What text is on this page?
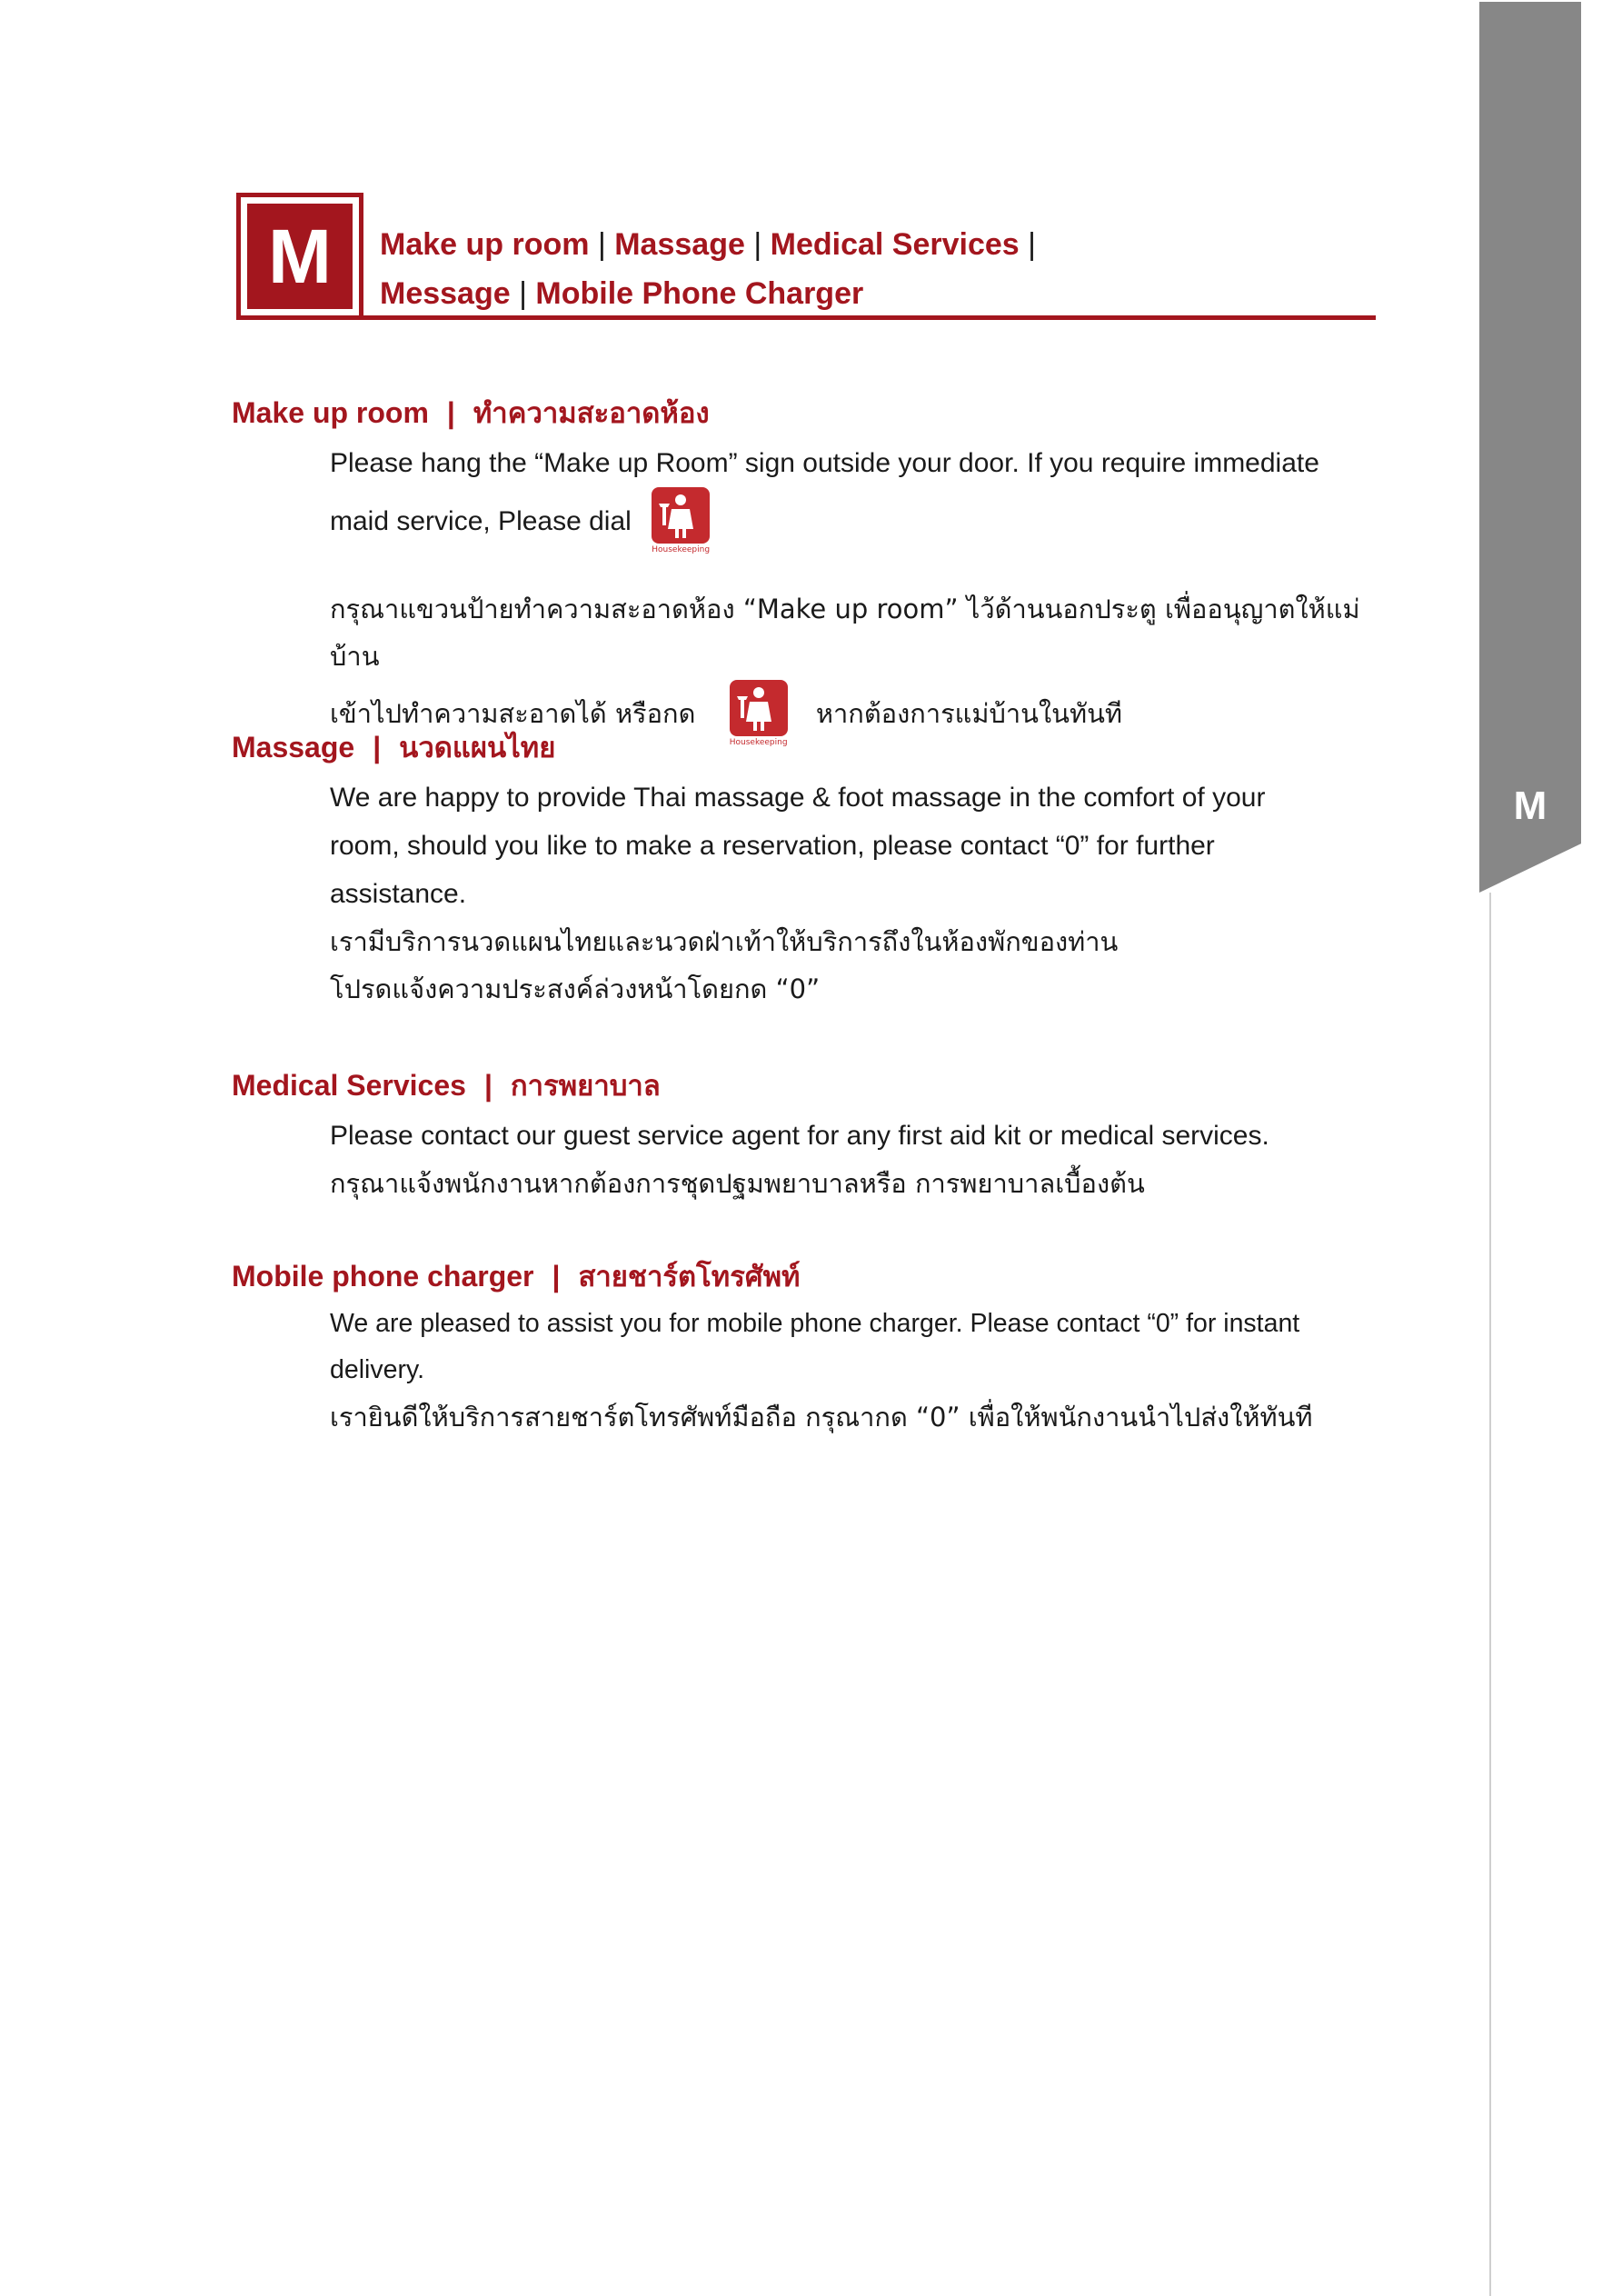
M
M	Make up room | Massage | Medical Services |
Message | Mobile Phone Charger
Make up room | ทำความสะอาดห้อง
Please hang the “Make up Room” sign outside your door. If you require immediate
maid service, Please dial
Housekeeping
กรุณาแขวนป้ายทำความสะอาดห้อง “Make up room” ไว้ด้านนอกประตู เพื่ออนุญาตให้แม่บ้าน
เข้าไปทำความสะอาดได้ หรือกด
Housekeeping
หากต้องการแม่บ้านในทันที
Massage | นวดแผนไทย
We are happy to provide Thai massage & foot massage in the comfort of your
room, should you like to make a reservation, please contact “0” for further
assistance.
เรามีบริการนวดแผนไทยและนวดฝ่าเท้าให้บริการถึงในห้องพักของท่าน
โปรดแจ้งความประสงค์ล่วงหน้าโดยกด “0”
Medical Services | การพยาบาล
Please contact our guest service agent for any first aid kit or medical services.
กรุณาแจ้งพนักงานหากต้องการชุดปฐมพยาบาลหรือ การพยาบาลเบื้องต้น
Mobile phone charger | สายชาร์ตโทรศัพท์
We are pleased to assist you for mobile phone charger. Please contact “0” for instant
delivery.
เรายินดีให้บริการสายชาร์ตโทรศัพท์มือถือ กรุณากด “0” เพื่อให้พนักงานนำไปส่งให้ทันที
